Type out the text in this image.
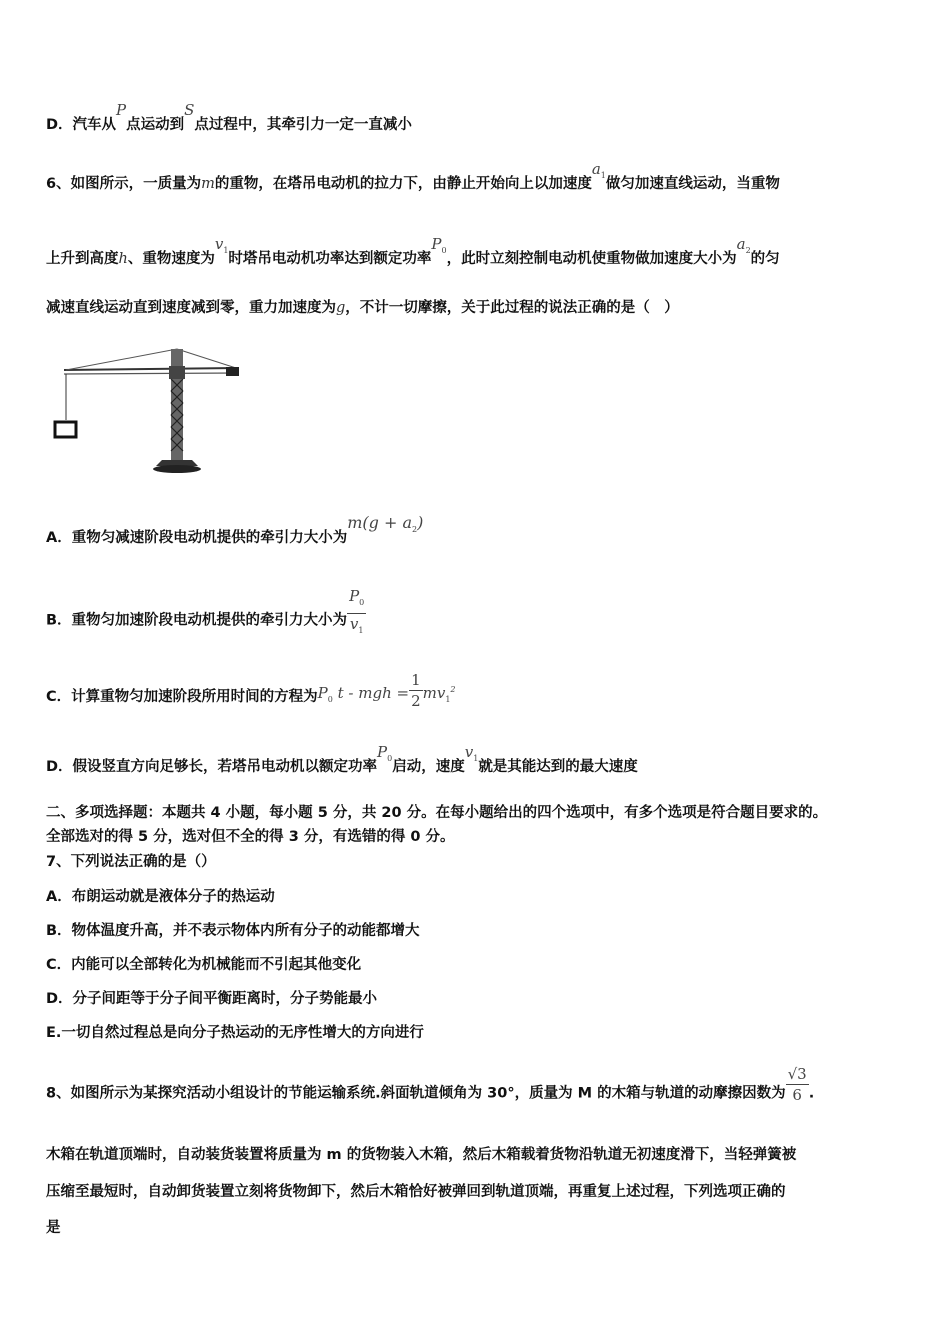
D．汽车从P点运动到S点过程中，其牵引力一定一直减小
6、如图所示，一质量为m的重物，在塔吊电动机的拉力下，由静止开始向上以加速度$a_1$做匀加速直线运动，当重物
上升到高度h、重物速度为$v_1$时塔吊电动机功率达到额定功率$P_0$，此时立刻控制电动机使重物做加速度大小为$a_2$的匀
减速直线运动直到速度减到零，重力加速度为g，不计一切摩擦，关于此过程的说法正确的是（　）
A．重物匀减速阶段电动机提供的牵引力大小为$m(g + a_2)$
B．重物匀加速阶段电动机提供的牵引力大小为 $\frac{P_0}{v_1}$
C．计算重物匀加速阶段所用时间的方程为$P_0$ t - mgh = $\frac{1}{2} mv_1^2$
D．假设竖直方向足够长，若塔吊电动机以额定功率$P_0$启动，速度$v_1$就是其能达到的最大速度
二、多项选择题：本题共 4 小题，每小题 5 分，共 20 分。在每小题给出的四个选项中，有多个选项是符合题目要求的。
全部选对的得 5 分，选对但不全的得 3 分，有选错的得 0 分。
7、下列说法正确的是（）
A．布朗运动就是液体分子的热运动
B．物体温度升高，并不表示物体内所有分子的动能都增大
C．内能可以全部转化为机械能而不引起其他变化
D．分子间距等于分子间平衡距离时，分子势能最小
E.一切自然过程总是向分子热运动的无序性增大的方向进行
8、如图所示为某探究活动小组设计的节能运输系统.斜面轨道倾角为 30°，质量为 M 的木箱与轨道的动摩擦因数为 $\frac{√3}{6}$ .
木箱在轨道顶端时，自动装货装置将质量为 m 的货物装入木箱，然后木箱载着货物沿轨道无初速度滑下，当轻弹簧被
压缩至最短时，自动卸货装置立刻将货物卸下，然后木箱恰好被弹回到轨道顶端，再重复上述过程，下列选项正确的
是
